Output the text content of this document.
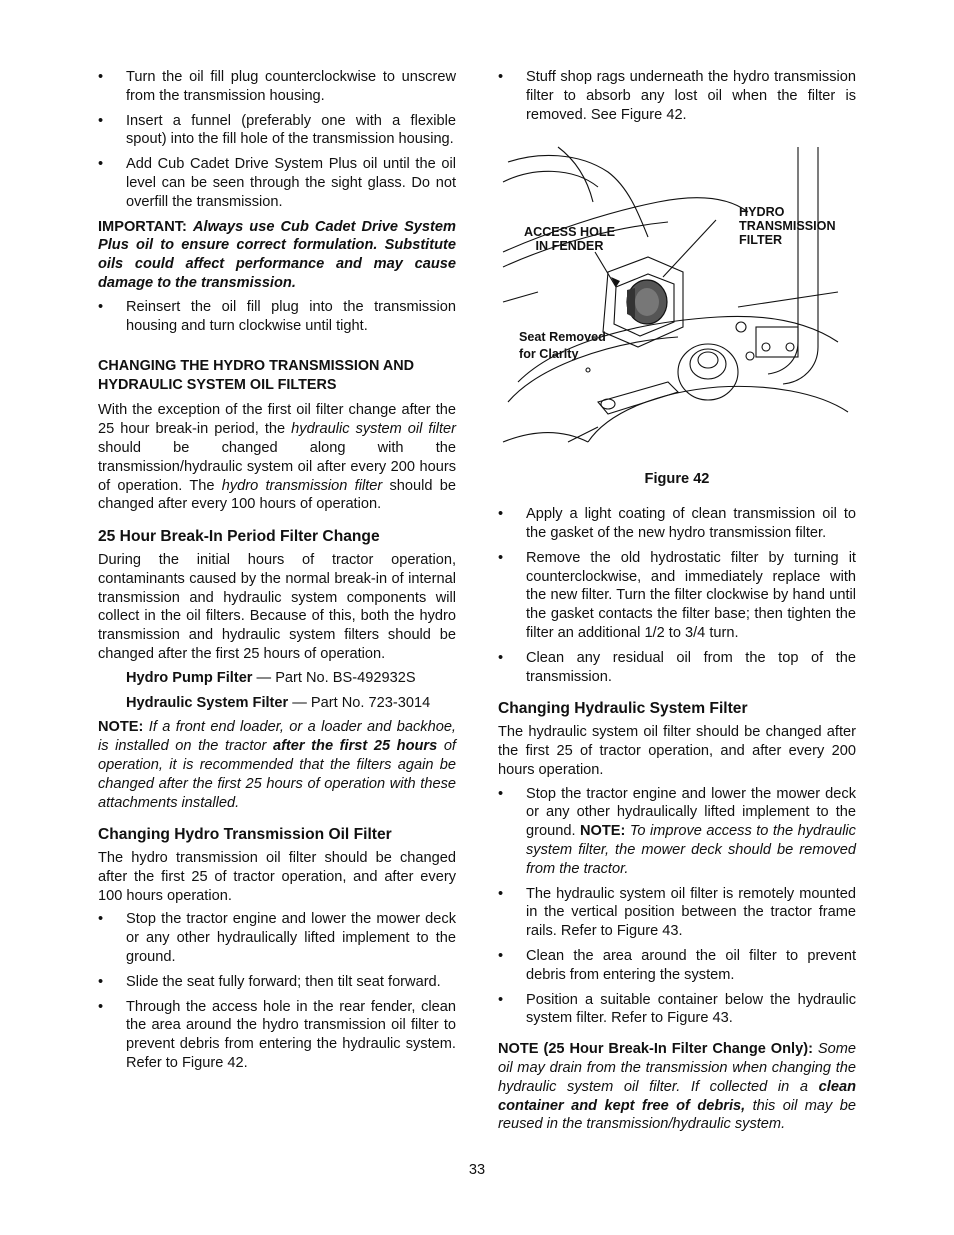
• Turn the oil fill plug counterclockwise to unscrew from the transmission housing.
• Insert a funnel (preferably one with a flexible spout) into the fill hole of the transmission housing.
• Add Cub Cadet Drive System Plus oil until the oil level can be seen through the sight glass. Do not overfill the transmission.

IMPORTANT: Always use Cub Cadet Drive System Plus oil to ensure correct formulation. Substitute oils could affect performance and may cause damage to the transmission.

• Reinsert the oil fill plug into the transmission housing and turn clockwise until tight.
CHANGING THE HYDRO TRANSMISSION AND HYDRAULIC SYSTEM OIL FILTERS

With the exception of the first oil filter change after the 25 hour break-in period, the hydraulic system oil filter should be changed along with the transmission/hydraulic system oil after every 200 hours of operation. The hydro transmission filter should be changed after every 100 hours of operation.

25 Hour Break-In Period Filter Change

During the initial hours of tractor operation, contaminants caused by the normal break-in of internal transmission and hydraulic system components will collect in the oil filters. Because of this, both the hydro transmission and hydraulic system filters should be changed after the first 25 hours of operation.

Hydro Pump Filter — Part No. BS-492932S
Hydraulic System Filter — Part No. 723-3014

NOTE: If a front end loader, or a loader and backhoe, is installed on the tractor after the first 25 hours of operation, it is recommended that the filters again be changed after the first 25 hours of operation with these attachments installed.

Changing Hydro Transmission Oil Filter

The hydro transmission oil filter should be changed after the first 25 of tractor operation, and after every 100 hours operation.

• Stop the tractor engine and lower the mower deck or any other hydraulically lifted implement to the ground.
• Slide the seat fully forward; then tilt seat forward.
• Through the access hole in the rear fender, clean the area around the hydro transmission oil filter to prevent debris from entering the hydraulic system. Refer to Figure 42.
• Stuff shop rags underneath the hydro transmission filter to absorb any lost oil when the filter is removed. See Figure 42.
ACCESS HOLE
IN FENDER
HYDRO
TRANSMISSION
FILTER
Seat Removed
for Clarity
Figure 42
• Apply a light coating of clean transmission oil to the gasket of the new hydro transmission filter.
• Remove the old hydrostatic filter by turning it counterclockwise, and immediately replace with the new filter. Turn the filter clockwise by hand until the gasket contacts the filter base; then tighten the filter an additional 1/2 to 3/4 turn.
• Clean any residual oil from the top of the transmission.
Changing Hydraulic System Filter

The hydraulic system oil filter should be changed after the first 25 of tractor operation, and after every 200 hours operation.

• Stop the tractor engine and lower the mower deck or any other hydraulically lifted implement to the ground. NOTE: To improve access to the hydraulic system filter, the mower deck should be removed from the tractor.
• The hydraulic system oil filter is remotely mounted in the vertical position between the tractor frame rails. Refer to Figure 43.
• Clean the area around the oil filter to prevent debris from entering the system.
• Position a suitable container below the hydraulic system filter. Refer to Figure 43.

NOTE (25 Hour Break-In Filter Change Only): Some oil may drain from the transmission when changing the hydraulic system oil filter. If collected in a clean container and kept free of debris, this oil may be reused in the transmission/hydraulic system.

33
